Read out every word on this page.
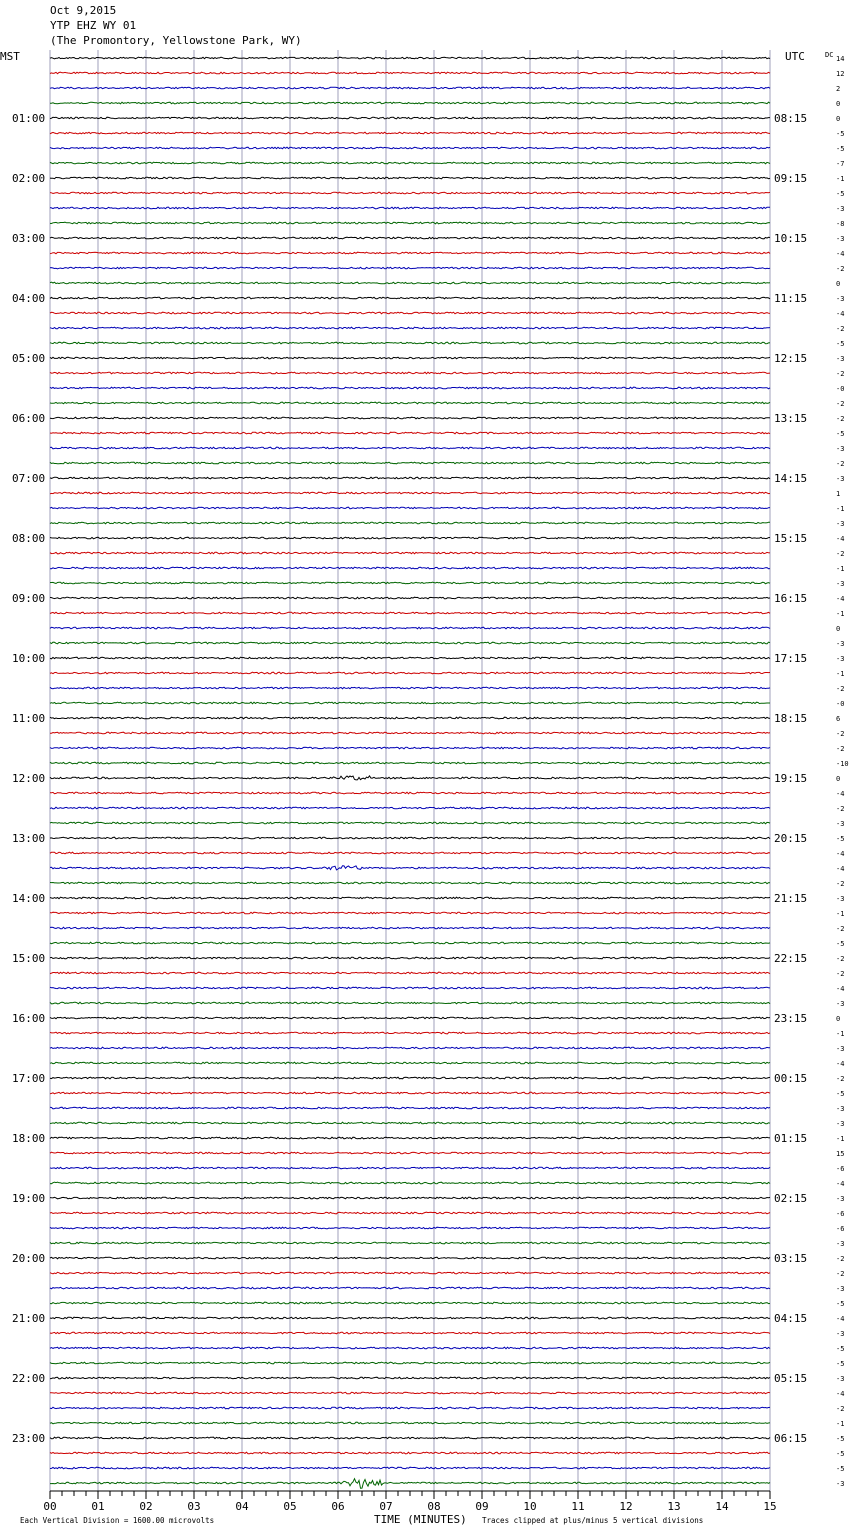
Oct 9,2015
YTP EHZ WY 01
(The Promontory, Yellowstone Park, WY)
14
12
2
0
0
-5
-5
-7
-1
-5
-3
-8
-3
-4
-2
0
-3
-4
-2
-5
-3
-2
-0
-2
-2
-5
-3
-2
-3
1
-1
-3
-4
-2
-1
-3
-4
-1
0
-3
-3
-1
-2
-0
6
-2
-2
-10
0
-4
-2
-3
-5
-4
-4
-2
-3
-1
-2
-5
-2
-2
-4
-3
0
-1
-3
-4
-2
-5
-3
-3
-1
15
-6
-4
-3
-6
-6
-3
-2
-2
-3
-5
-4
-3
-5
-5
-3
-4
-2
-1
-5
-5
-5
-3
01:00
02:00
03:00
04:00
05:00
06:00
07:00
08:00
09:00
10:00
11:00
12:00
13:00
14:00
15:00
16:00
17:00
18:00
19:00
20:00
21:00
22:00
23:00
08:15
09:15
10:15
11:15
12:15
13:15
14:15
15:15
16:15
17:15
18:15
19:15
20:15
21:15
22:15
23:15
00:15
01:15
02:15
03:15
04:15
05:15
06:15
00	01	02	03	04	05	06	07	08	09	10	11	12	13	14	15
MST	UTC	DC
TIME (MINUTES)
Each Vertical Division = 1600.00 microvolts	Traces clipped at plus/minus 5 vertical divisions
